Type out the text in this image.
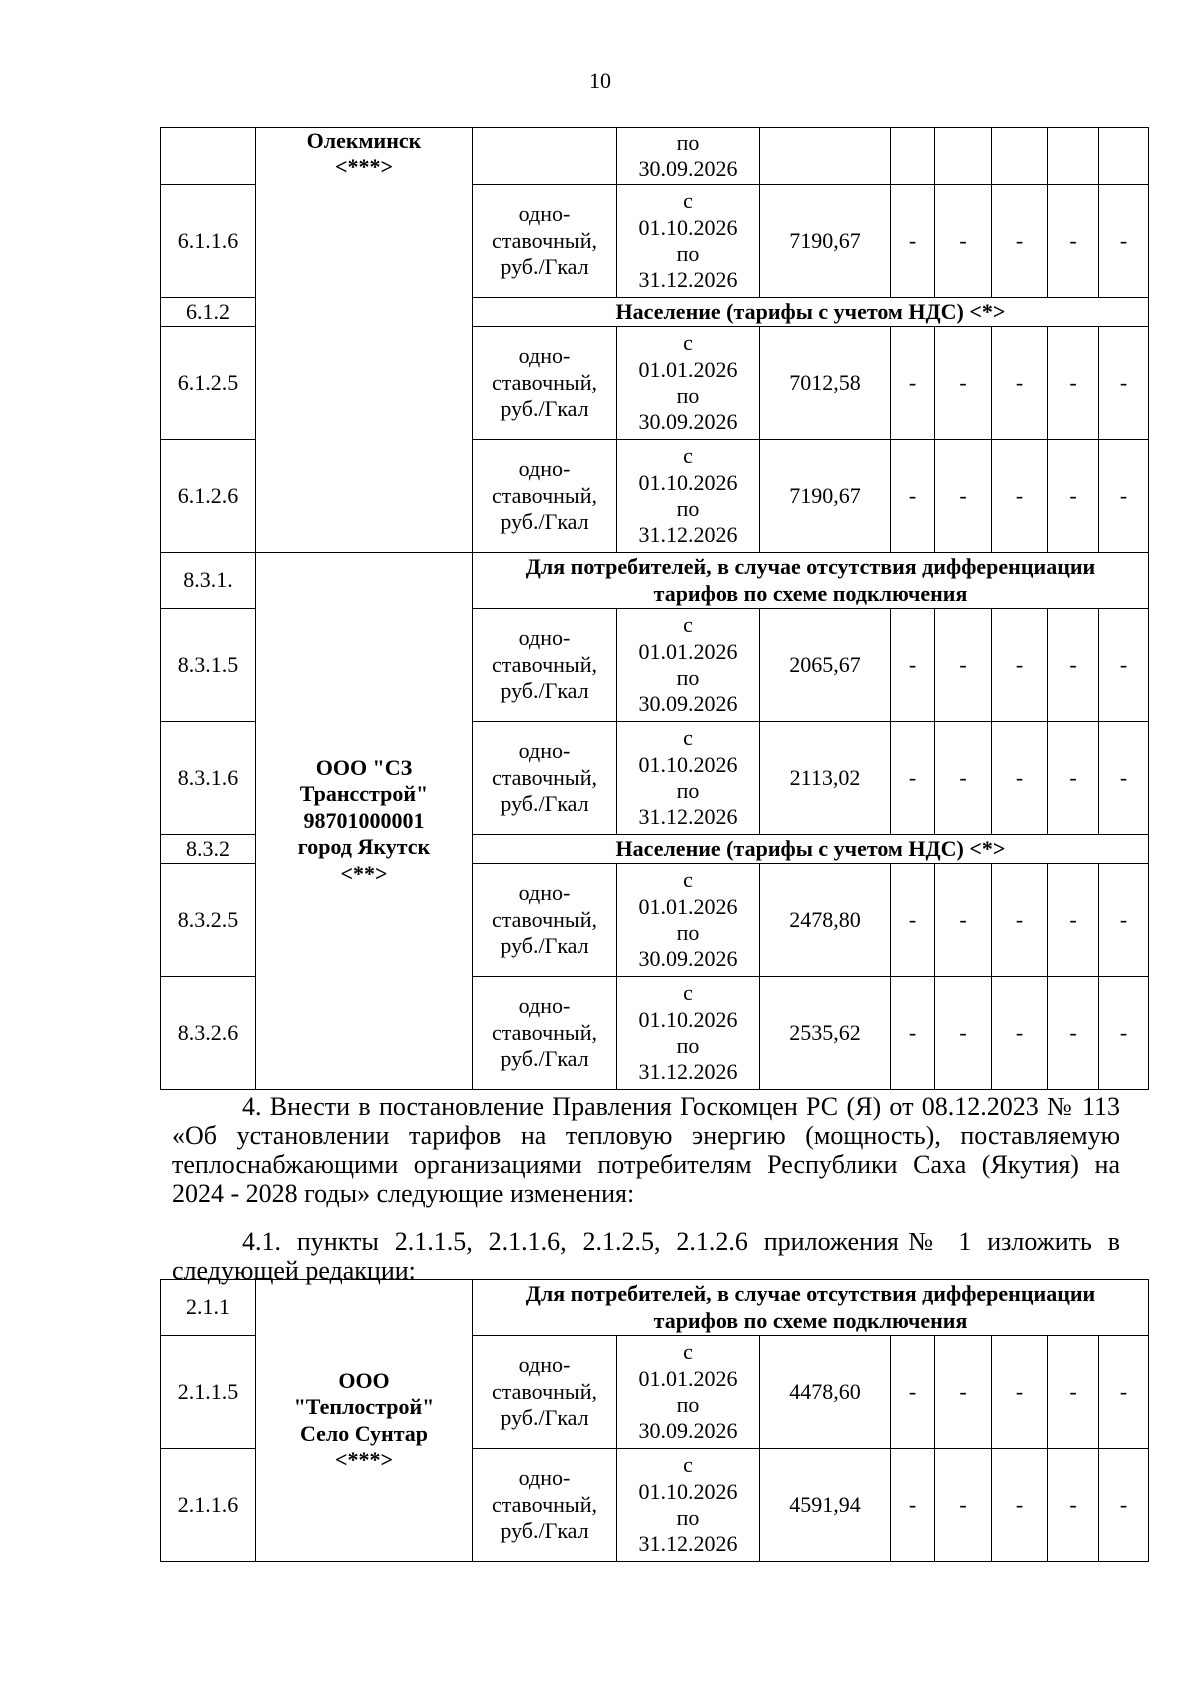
10
	Олекминск
<***>		по
30.09.2026						
6.1.1.6		одно-
ставочный,
руб./Гкал	с
01.10.2026
по
31.12.2026	7190,67	-	-	-	-	-
6.1.2		Население (тарифы с учетом НДС) <*>							
6.1.2.5		одно-
ставочный,
руб./Гкал	с
01.01.2026
по
30.09.2026	7012,58	-	-	-	-	-
6.1.2.6		одно-
ставочный,
руб./Гкал	с
01.10.2026
по
31.12.2026	7190,67	-	-	-	-	-
8.3.1.	ООО "СЗ
Трансстрой"
98701000001
город Якутск
<**>	Для потребителей, в случае отсутствия дифференциации
тарифов по схеме подключения							
8.3.1.5		одно-
ставочный,
руб./Гкал	с
01.01.2026
по
30.09.2026	2065,67	-	-	-	-	-
8.3.1.6		одно-
ставочный,
руб./Гкал	с
01.10.2026
по
31.12.2026	2113,02	-	-	-	-	-
8.3.2		Население (тарифы с учетом НДС) <*>							
8.3.2.5		одно-
ставочный,
руб./Гкал	с
01.01.2026
по
30.09.2026	2478,80	-	-	-	-	-
8.3.2.6		одно-
ставочный,
руб./Гкал	с
01.10.2026
по
31.12.2026	2535,62	-	-	-	-	-
4. Внести в постановление Правления Госкомцен РС (Я) от 08.12.2023 № 113 «Об установлении тарифов на тепловую энергию (мощность), поставляемую теплоснабжающими организациями потребителям Республики Саха (Якутия) на 2024 - 2028 годы» следующие изменения:
4.1. пункты 2.1.1.5, 2.1.1.6, 2.1.2.5, 2.1.2.6 приложения№ 1 изложить в следующей редакции:
2.1.1	ООО
"Теплострой"
Село Сунтар
<***>	Для потребителей, в случае отсутствия дифференциации
тарифов по схеме подключения							
2.1.1.5		одно-
ставочный,
руб./Гкал	с
01.01.2026
по
30.09.2026	4478,60	-	-	-	-	-
2.1.1.6		одно-
ставочный,
руб./Гкал	с
01.10.2026
по
31.12.2026	4591,94	-	-	-	-	-
